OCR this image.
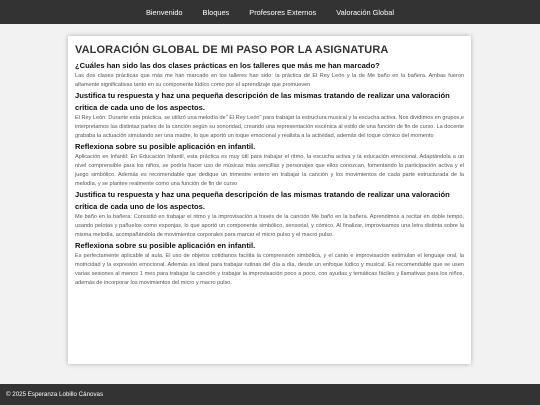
Bienvenido	Bloques	Profesores Externos	Valoración Global
VALORACIÓN GLOBAL DE MI PASO POR LA ASIGNATURA
¿Cuáles han sido las dos clases prácticas en los talleres que más me han marcado?

Las dos clases prácticas que más me han marcado en los talleres han sido: la práctica de El Rey León y la de Me baño en la bañera. Ambas fueron altamente significativas tanto en su componente lúdico como por el aprendizaje que promueven

Justifica tu respuesta y haz una pequeña descripción de las mismas tratando de realizar una valoración crítica de cada uno de los aspectos.

El Rey León: Durante esta práctica, se utilizó una melodía de" El Rey León" para trabajar la estructura musical y la escucha activa. Nos dividimos en grupos,e interpretamos las distintas partes de la canción según su sonoridad, creando una representación escénica al estilo de una función de fin de curso. La docente grababa la actuación simulando ser una madre, lo que aportó un toque emocional y realista a la actividad, además del toque cómico del momento

Reflexiona sobre su posible aplicación en infantil.

Aplicación en Infantil: En Educación Infantil, esta práctica es muy útil para trabajar el ritmo, la escucha activa y la educación emocional. Adaptándola a un nivel comprensible para los niños, se podría hacer uso de músicas más sencillas y personajes que ellos conozcan, fomentando la participación activa y el juego simbólico. Además es recomendable que dedique un trimestre entero en trabajar la canción y los movimientos de cada parte estructurada de la melodía, y se plantee realmente como una función de fin de curso

Justifica tu respuesta y haz una pequeña descripción de las mismas tratando de realizar una valoración crítica de cada uno de los aspectos.

Me baño en la bañera: Consistió en trabajar el ritmo y la improvisación a través de la canción Me baño en la bañera. Aprendimos a recitar en doble tempo, usando pelotas y pañuelos como esponjas, lo que aportó un componente simbólico, sensorial, y cómico. Al finalizar, improvisamos una letra distinta sobre la misma melodía, acompañándola de movimientos corporales para marcar el micro pulso y el macro pulso.

Reflexiona sobre su posible aplicación en infantil.

Es perfectamente aplicable al aula. El uso de objetos cotidianos facilita la comprensión simbólica, y el canto e improvisación estimulan el lenguaje oral, la motricidad y la expresión emocional. Además es ideal para trabajar rutinas del día a día, desde un enfoque lúdico y musical. Es recomendable que se usen varias sesiones al menos 1 mes para trabajar la canción y trabajar la improvisación poco a poco, con ayudas y temáticas fáciles y llamativas para los niños, además de incorporar los movimientos del micro y macro pulso.

© 2025 Esperanza Lobillo Cánovas
